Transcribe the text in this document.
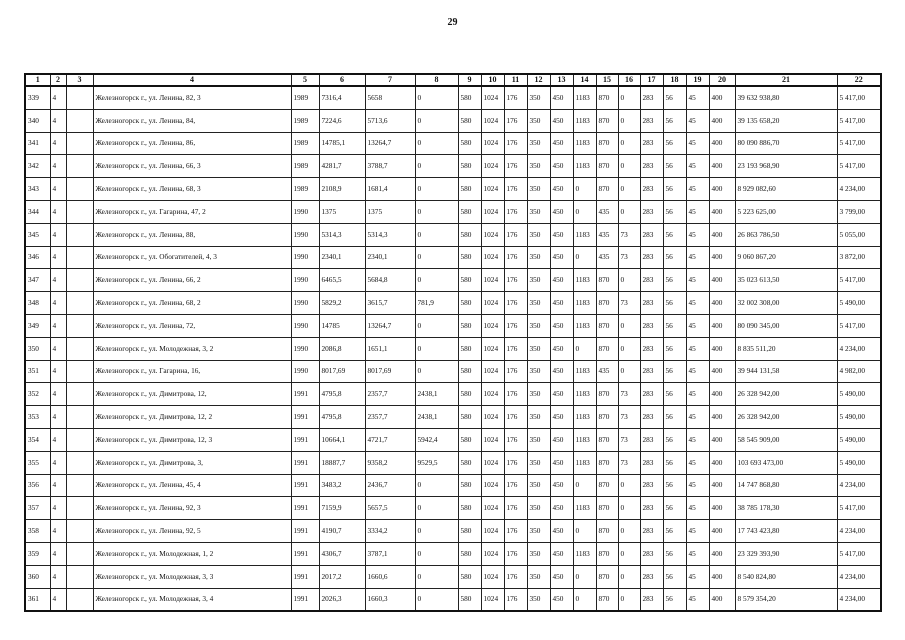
29
1	2	3	4	5	6	7	8	9	10	11	12	13	14	15	16	17	18	19	20	21	22
339	4		Железногорск г., ул. Ленина, 82, 3	1989	7316,4	5658	0	580	1024	176	350	450	1183	870	0	283	56	45	400	39 632 938,80	5 417,00
340	4		Железногорск г., ул. Ленина, 84,	1989	7224,6	5713,6	0	580	1024	176	350	450	1183	870	0	283	56	45	400	39 135 658,20	5 417,00
341	4		Железногорск г., ул. Ленина, 86,	1989	14785,1	13264,7	0	580	1024	176	350	450	1183	870	0	283	56	45	400	80 090 886,70	5 417,00
342	4		Железногорск г., ул. Ленина, 66, 3	1989	4281,7	3788,7	0	580	1024	176	350	450	1183	870	0	283	56	45	400	23 193 968,90	5 417,00
343	4		Железногорск г., ул. Ленина, 68, 3	1989	2108,9	1681,4	0	580	1024	176	350	450	0	870	0	283	56	45	400	8 929 082,60	4 234,00
344	4		Железногорск г., ул. Гагарина, 47, 2	1990	1375	1375	0	580	1024	176	350	450	0	435	0	283	56	45	400	5 223 625,00	3 799,00
345	4		Железногорск г., ул. Ленина, 88,	1990	5314,3	5314,3	0	580	1024	176	350	450	1183	435	73	283	56	45	400	26 863 786,50	5 055,00
346	4		Железногорск г., ул. Обогатителей, 4, 3	1990	2340,1	2340,1	0	580	1024	176	350	450	0	435	73	283	56	45	400	9 060 867,20	3 872,00
347	4		Железногорск г., ул. Ленина, 66, 2	1990	6465,5	5684,8	0	580	1024	176	350	450	1183	870	0	283	56	45	400	35 023 613,50	5 417,00
348	4		Железногорск г., ул. Ленина, 68, 2	1990	5829,2	3615,7	781,9	580	1024	176	350	450	1183	870	73	283	56	45	400	32 002 308,00	5 490,00
349	4		Железногорск г., ул. Ленина, 72,	1990	14785	13264,7	0	580	1024	176	350	450	1183	870	0	283	56	45	400	80 090 345,00	5 417,00
350	4		Железногорск г., ул. Молодежная, 3, 2	1990	2086,8	1651,1	0	580	1024	176	350	450	0	870	0	283	56	45	400	8 835 511,20	4 234,00
351	4		Железногорск г., ул. Гагарина, 16,	1990	8017,69	8017,69	0	580	1024	176	350	450	1183	435	0	283	56	45	400	39 944 131,58	4 982,00
352	4		Железногорск г., ул. Димитрова, 12,	1991	4795,8	2357,7	2438,1	580	1024	176	350	450	1183	870	73	283	56	45	400	26 328 942,00	5 490,00
353	4		Железногорск г., ул. Димитрова, 12, 2	1991	4795,8	2357,7	2438,1	580	1024	176	350	450	1183	870	73	283	56	45	400	26 328 942,00	5 490,00
354	4		Железногорск г., ул. Димитрова, 12, 3	1991	10664,1	4721,7	5942,4	580	1024	176	350	450	1183	870	73	283	56	45	400	58 545 909,00	5 490,00
355	4		Железногорск г., ул. Димитрова, 3,	1991	18887,7	9358,2	9529,5	580	1024	176	350	450	1183	870	73	283	56	45	400	103 693 473,00	5 490,00
356	4		Железногорск г., ул. Ленина, 45, 4	1991	3483,2	2436,7	0	580	1024	176	350	450	0	870	0	283	56	45	400	14 747 868,80	4 234,00
357	4		Железногорск г., ул. Ленина, 92, 3	1991	7159,9	5657,5	0	580	1024	176	350	450	1183	870	0	283	56	45	400	38 785 178,30	5 417,00
358	4		Железногорск г., ул. Ленина, 92, 5	1991	4190,7	3334,2	0	580	1024	176	350	450	0	870	0	283	56	45	400	17 743 423,80	4 234,00
359	4		Железногорск г., ул. Молодежная, 1, 2	1991	4306,7	3787,1	0	580	1024	176	350	450	1183	870	0	283	56	45	400	23 329 393,90	5 417,00
360	4		Железногорск г., ул. Молодежная, 3, 3	1991	2017,2	1660,6	0	580	1024	176	350	450	0	870	0	283	56	45	400	8 540 824,80	4 234,00
361	4		Железногорск г., ул. Молодежная, 3, 4	1991	2026,3	1660,3	0	580	1024	176	350	450	0	870	0	283	56	45	400	8 579 354,20	4 234,00
